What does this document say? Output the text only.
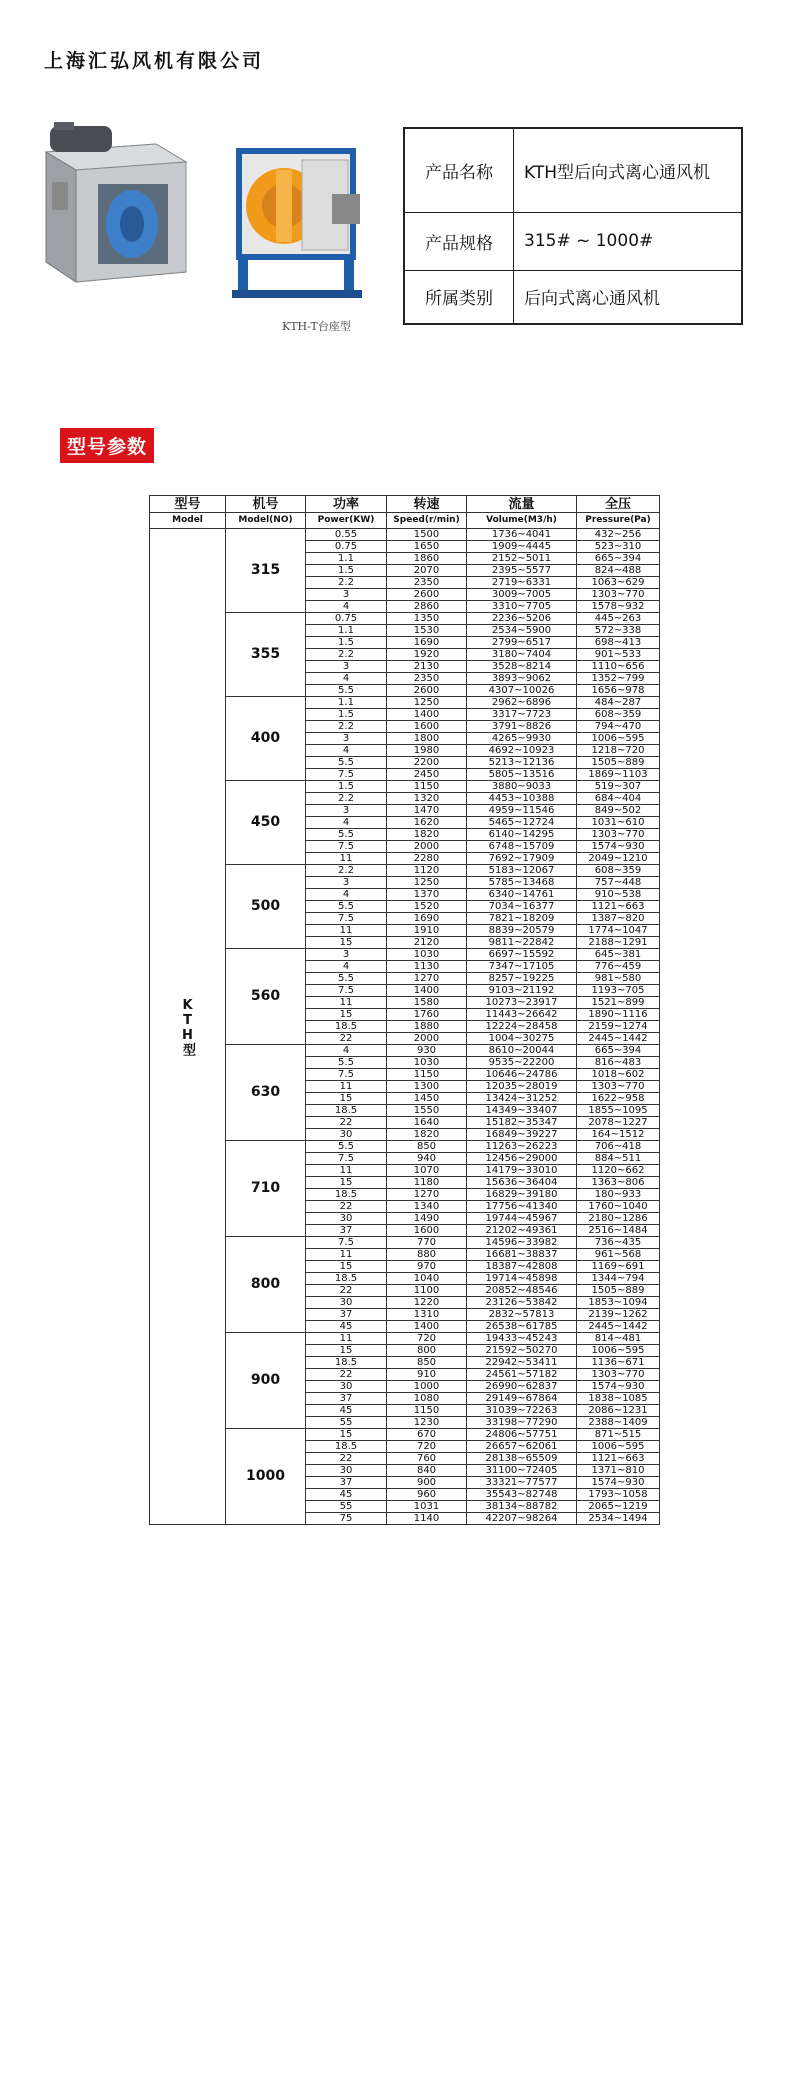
上海汇弘风机有限公司
KTH-T台座型
产品名称	KTH型后向式离心通风机
产品规格	315# ~ 1000#
所属类别	后向式离心通风机
型号参数
型号	机号	功率	转速	流量	全压
Model	Model(NO)	Power(KW)	Speed(r/min)	Volume(M3/h)	Pressure(Pa)
KTH型	315	0.55	1500	1736~4041	432~256
		0.75	1650	1909~4445	523~310
		1.1	1860	2152~5011	665~394
		1.5	2070	2395~5577	824~488
		2.2	2350	2719~6331	1063~629
		3	2600	3009~7005	1303~770
		4	2860	3310~7705	1578~932
	355	0.75	1350	2236~5206	445~263
		1.1	1530	2534~5900	572~338
		1.5	1690	2799~6517	698~413
		2.2	1920	3180~7404	901~533
		3	2130	3528~8214	1110~656
		4	2350	3893~9062	1352~799
		5.5	2600	4307~10026	1656~978
	400	1.1	1250	2962~6896	484~287
		1.5	1400	3317~7723	608~359
		2.2	1600	3791~8826	794~470
		3	1800	4265~9930	1006~595
		4	1980	4692~10923	1218~720
		5.5	2200	5213~12136	1505~889
		7.5	2450	5805~13516	1869~1103
	450	1.5	1150	3880~9033	519~307
		2.2	1320	4453~10388	684~404
		3	1470	4959~11546	849~502
		4	1620	5465~12724	1031~610
		5.5	1820	6140~14295	1303~770
		7.5	2000	6748~15709	1574~930
		11	2280	7692~17909	2049~1210
	500	2.2	1120	5183~12067	608~359
		3	1250	5785~13468	757~448
		4	1370	6340~14761	910~538
		5.5	1520	7034~16377	1121~663
		7.5	1690	7821~18209	1387~820
		11	1910	8839~20579	1774~1047
		15	2120	9811~22842	2188~1291
	560	3	1030	6697~15592	645~381
		4	1130	7347~17105	776~459
		5.5	1270	8257~19225	981~580
		7.5	1400	9103~21192	1193~705
		11	1580	10273~23917	1521~899
		15	1760	11443~26642	1890~1116
		18.5	1880	12224~28458	2159~1274
		22	2000	1004~30275	2445~1442
	630	4	930	8610~20044	665~394
		5.5	1030	9535~22200	816~483
		7.5	1150	10646~24786	1018~602
		11	1300	12035~28019	1303~770
		15	1450	13424~31252	1622~958
		18.5	1550	14349~33407	1855~1095
		22	1640	15182~35347	2078~1227
		30	1820	16849~39227	164~1512
	710	5.5	850	11263~26223	706~418
		7.5	940	12456~29000	884~511
		11	1070	14179~33010	1120~662
		15	1180	15636~36404	1363~806
		18.5	1270	16829~39180	180~933
		22	1340	17756~41340	1760~1040
		30	1490	19744~45967	2180~1286
		37	1600	21202~49361	2516~1484
	800	7.5	770	14596~33982	736~435
		11	880	16681~38837	961~568
		15	970	18387~42808	1169~691
		18.5	1040	19714~45898	1344~794
		22	1100	20852~48546	1505~889
		30	1220	23126~53842	1853~1094
		37	1310	2832~57813	2139~1262
		45	1400	26538~61785	2445~1442
	900	11	720	19433~45243	814~481
		15	800	21592~50270	1006~595
		18.5	850	22942~53411	1136~671
		22	910	24561~57182	1303~770
		30	1000	26990~62837	1574~930
		37	1080	29149~67864	1838~1085
		45	1150	31039~72263	2086~1231
		55	1230	33198~77290	2388~1409
	1000	15	670	24806~57751	871~515
		18.5	720	26657~62061	1006~595
		22	760	28138~65509	1121~663
		30	840	31100~72405	1371~810
		37	900	33321~77577	1574~930
		45	960	35543~82748	1793~1058
		55	1031	38134~88782	2065~1219
		75	1140	42207~98264	2534~1494
